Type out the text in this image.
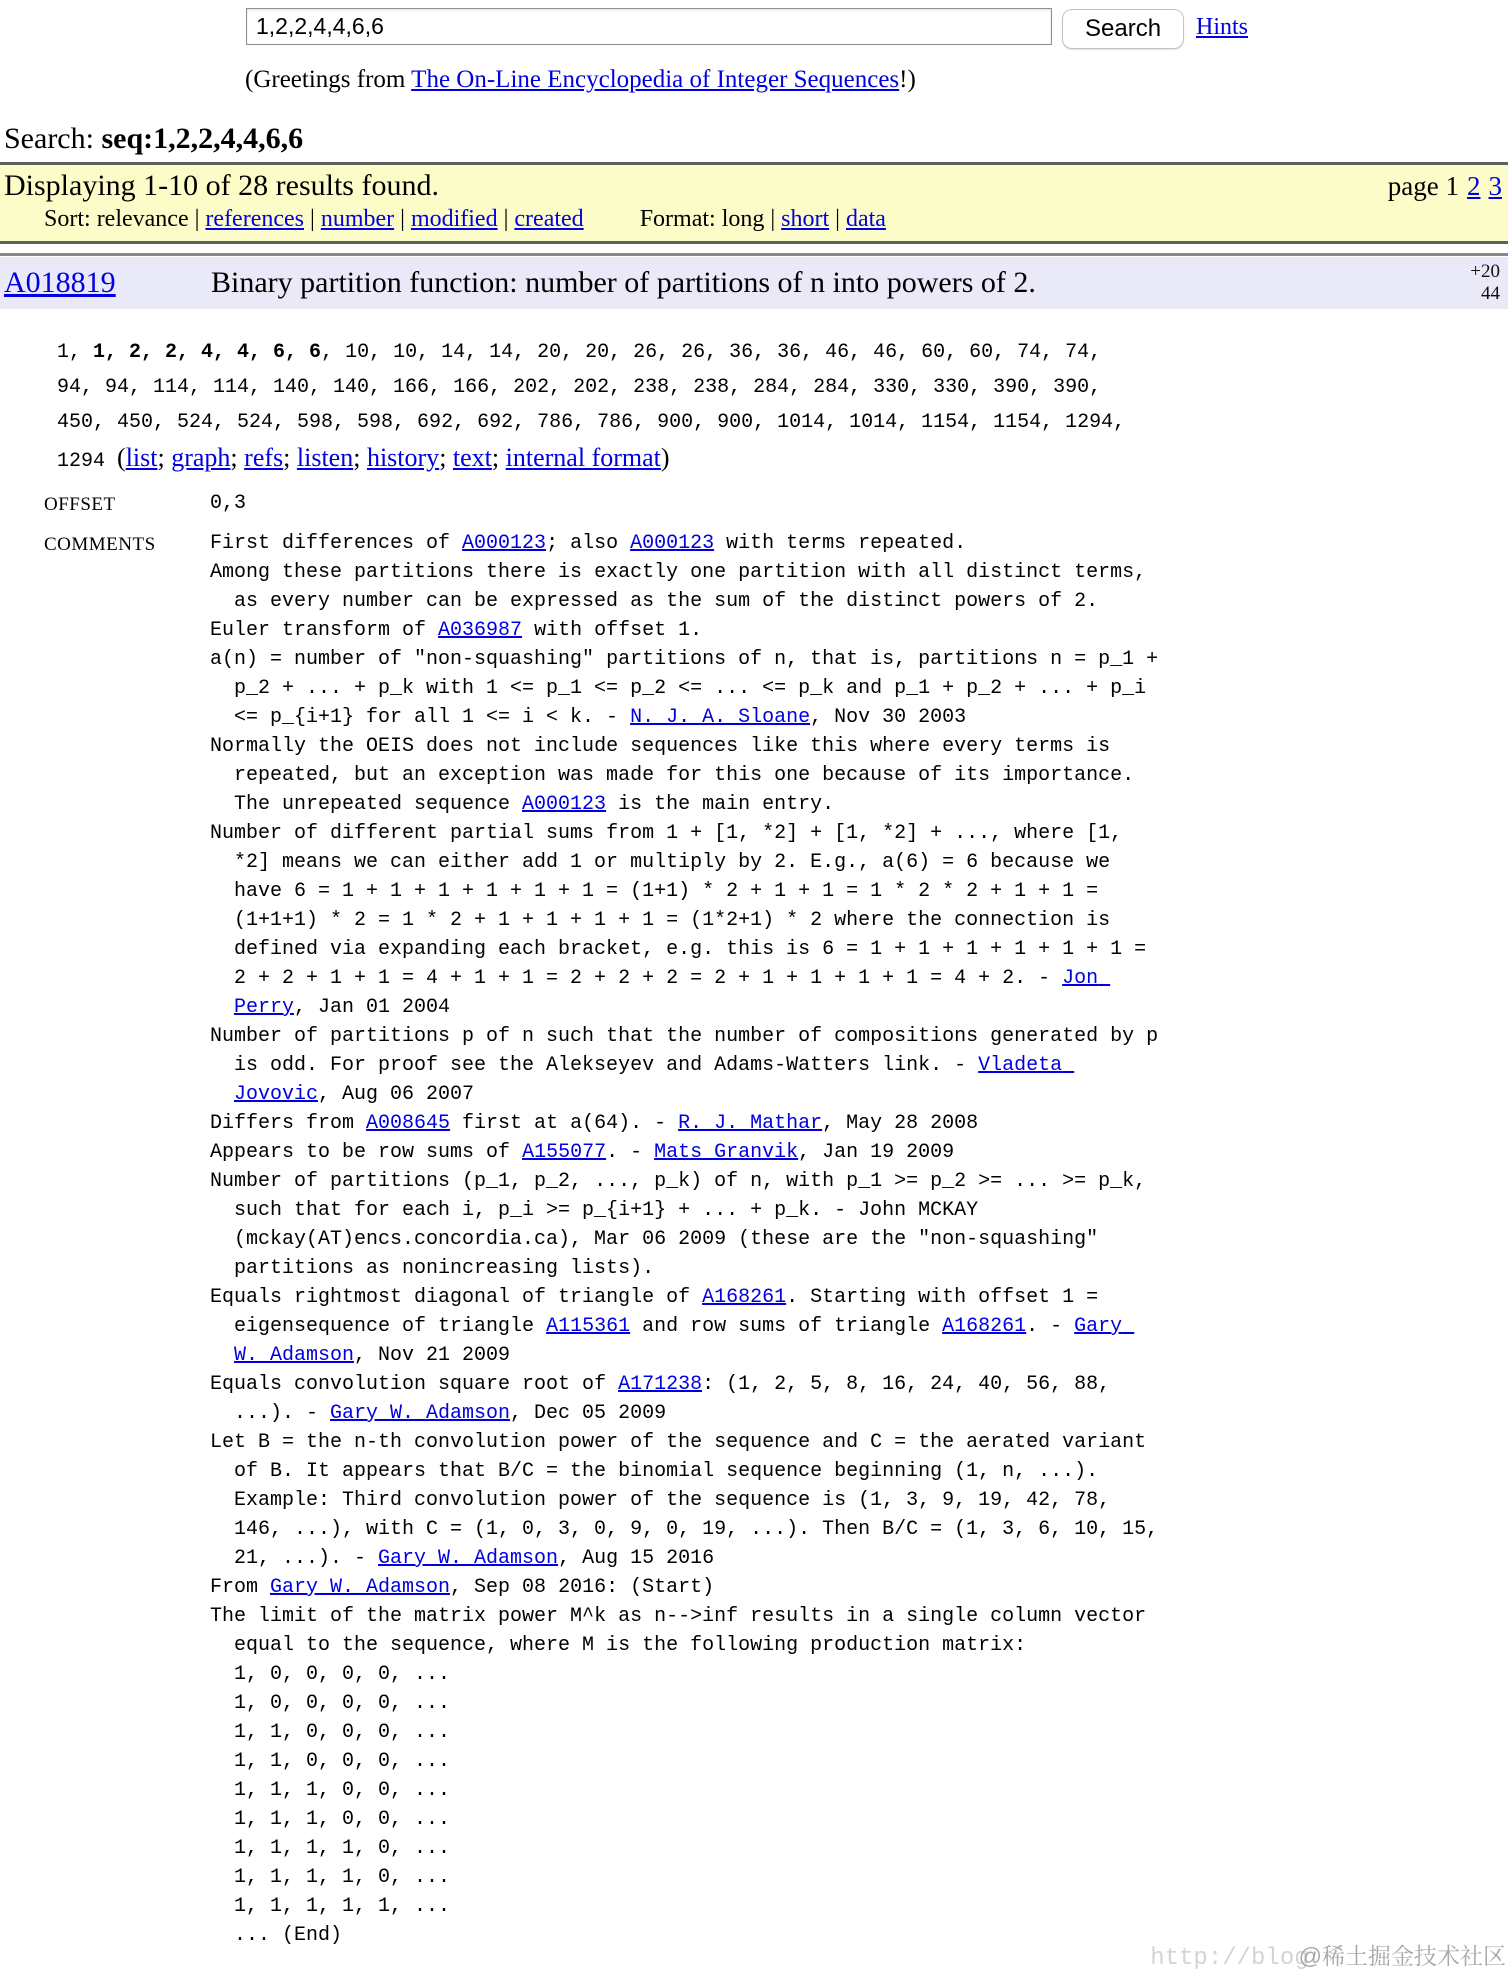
1,2,2,4,4,6,6
Search	Hints
(Greetings from The On-Line Encyclopedia of Integer Sequences!)
Search: seq:1,2,2,4,4,6,6
Displaying 1-10 of 28 results found.	page 1 2 3
Sort: relevance | references | number | modified | created Format: long | short | data
A018819	Binary partition function: number of partitions of n into powers of 2.	+20
44
1, 1, 2, 2, 4, 4, 6, 6, 10, 10, 14, 14, 20, 20, 26, 26, 36, 36, 46, 46, 60, 60, 74, 74, 94, 94, 114, 114, 140, 140, 166, 166, 202, 202, 238, 238, 284, 284, 330, 330, 390, 390, 450, 450, 524, 524, 598, 598, 692, 692, 786, 786, 900, 900, 1014, 1014, 1154, 1154, 1294, 1294 (list; graph; refs; listen; history; text; internal format)
OFFSET	0,3
COMMENTS	First differences of A000123; also A000123 with terms repeated.
Among these partitions there is exactly one partition with all distinct terms, as every number can be expressed as the sum of the distinct powers of 2.
Euler transform of A036987 with offset 1.
a(n) = number of "non-squashing" partitions of n, that is, partitions n = p_1 + p_2 + ... + p_k with 1 <= p_1 <= p_2 <= ... <= p_k and p_1 + p_2 + ... + p_i <= p_{i+1} for all 1 <= i < k. - N. J. A. Sloane, Nov 30 2003
Normally the OEIS does not include sequences like this where every terms is repeated, but an exception was made for this one because of its importance. The unrepeated sequence A000123 is the main entry.
Number of different partial sums from 1 + [1, *2] + [1, *2] + ..., where [1, *2] means we can either add 1 or multiply by 2. E.g., a(6) = 6 because we have 6 = 1 + 1 + 1 + 1 + 1 + 1 = (1+1) * 2 + 1 + 1 = 1 * 2 * 2 + 1 + 1 = (1+1+1) * 2 = 1 * 2 + 1 + 1 + 1 + 1 = (1*2+1) * 2 where the connection is defined via expanding each bracket, e.g. this is 6 = 1 + 1 + 1 + 1 + 1 + 1 = 2 + 2 + 1 + 1 = 4 + 1 + 1 = 2 + 2 + 2 = 2 + 1 + 1 + 1 + 1 = 4 + 2. - Jon Perry, Jan 01 2004
Number of partitions p of n such that the number of compositions generated by p is odd. For proof see the Alekseyev and Adams-Watters link. - Vladeta Jovovic, Aug 06 2007
Differs from A008645 first at a(64). - R. J. Mathar, May 28 2008
Appears to be row sums of A155077. - Mats Granvik, Jan 19 2009
Number of partitions (p_1, p_2, ..., p_k) of n, with p_1 >= p_2 >= ... >= p_k, such that for each i, p_i >= p_{i+1} + ... + p_k. - John MCKAY (mckay(AT)encs.concordia.ca), Mar 06 2009 (these are the "non-squashing" partitions as nonincreasing lists).
Equals rightmost diagonal of triangle of A168261. Starting with offset 1 = eigensequence of triangle A115361 and row sums of triangle A168261. - Gary W. Adamson, Nov 21 2009
Equals convolution square root of A171238: (1, 2, 5, 8, 16, 24, 40, 56, 88, ...). - Gary W. Adamson, Dec 05 2009
Let B = the n-th convolution power of the sequence and C = the aerated variant of B. It appears that B/C = the binomial sequence beginning (1, n, ...). Example: Third convolution power of the sequence is (1, 3, 9, 19, 42, 78, 146, ...), with C = (1, 0, 3, 0, 9, 0, 19, ...). Then B/C = (1, 3, 6, 10, 15, 21, ...). - Gary W. Adamson, Aug 15 2016
From Gary W. Adamson, Sep 08 2016: (Start)
The limit of the matrix power M^k as n-->inf results in a single column vector equal to the sequence, where M is the following production matrix:
1, 0, 0, 0, 0, ...
1, 0, 0, 0, 0, ...
1, 1, 0, 0, 0, ...
1, 1, 0, 0, 0, ...
1, 1, 1, 0, 0, ...
1, 1, 1, 0, 0, ...
1, 1, 1, 1, 0, ...
1, 1, 1, 1, 0, ...
1, 1, 1, 1, 1, ...
... (End)
http://blog
@稀土掘金技术社区
